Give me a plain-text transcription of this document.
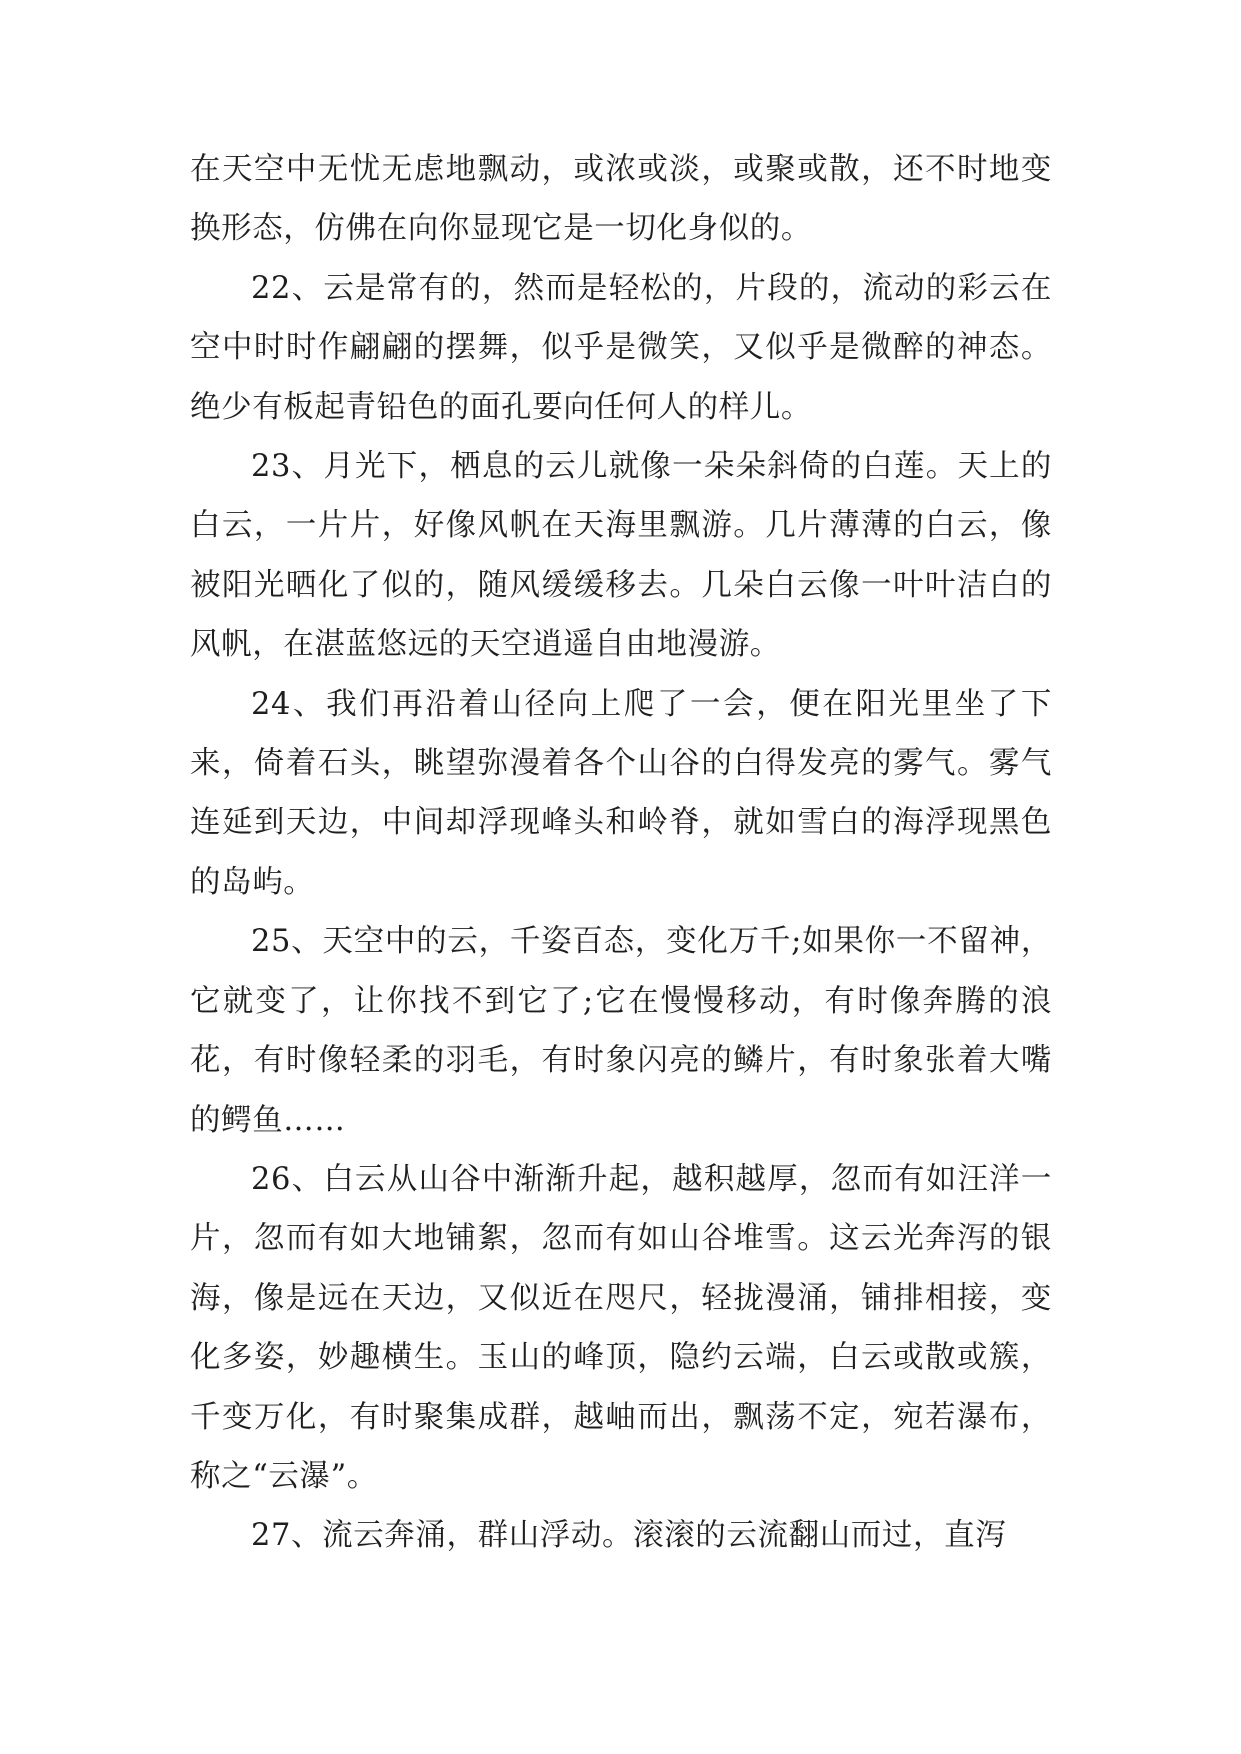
在天空中无忧无虑地飘动，或浓或淡，或聚或散，还不时地变换形态，仿佛在向你显现它是一切化身似的。

22、云是常有的，然而是轻松的，片段的，流动的彩云在空中时时作翩翩的摆舞，似乎是微笑，又似乎是微醉的神态。绝少有板起青铅色的面孔要向任何人的样儿。

23、月光下，栖息的云儿就像一朵朵斜倚的白莲。天上的白云，一片片，好像风帆在天海里飘游。几片薄薄的白云，像被阳光晒化了似的，随风缓缓移去。几朵白云像一叶叶洁白的风帆，在湛蓝悠远的天空逍遥自由地漫游。

24、我们再沿着山径向上爬了一会，便在阳光里坐了下来，倚着石头，眺望弥漫着各个山谷的白得发亮的雾气。雾气连延到天边，中间却浮现峰头和岭脊，就如雪白的海浮现黑色的岛屿。

25、天空中的云，千姿百态，变化万千;如果你一不留神，它就变了，让你找不到它了;它在慢慢移动，有时像奔腾的浪花，有时像轻柔的羽毛，有时象闪亮的鳞片，有时象张着大嘴的鳄鱼……

26、白云从山谷中渐渐升起，越积越厚，忽而有如汪洋一片，忽而有如大地铺絮，忽而有如山谷堆雪。这云光奔泻的银海，像是远在天边，又似近在咫尺，轻拢漫涌，铺排相接，变化多姿，妙趣横生。玉山的峰顶，隐约云端，白云或散或簇，千变万化，有时聚集成群，越岫而出，飘荡不定，宛若瀑布，称之“云瀑”。

27、流云奔涌，群山浮动。滚滚的云流翻山而过，直泻
